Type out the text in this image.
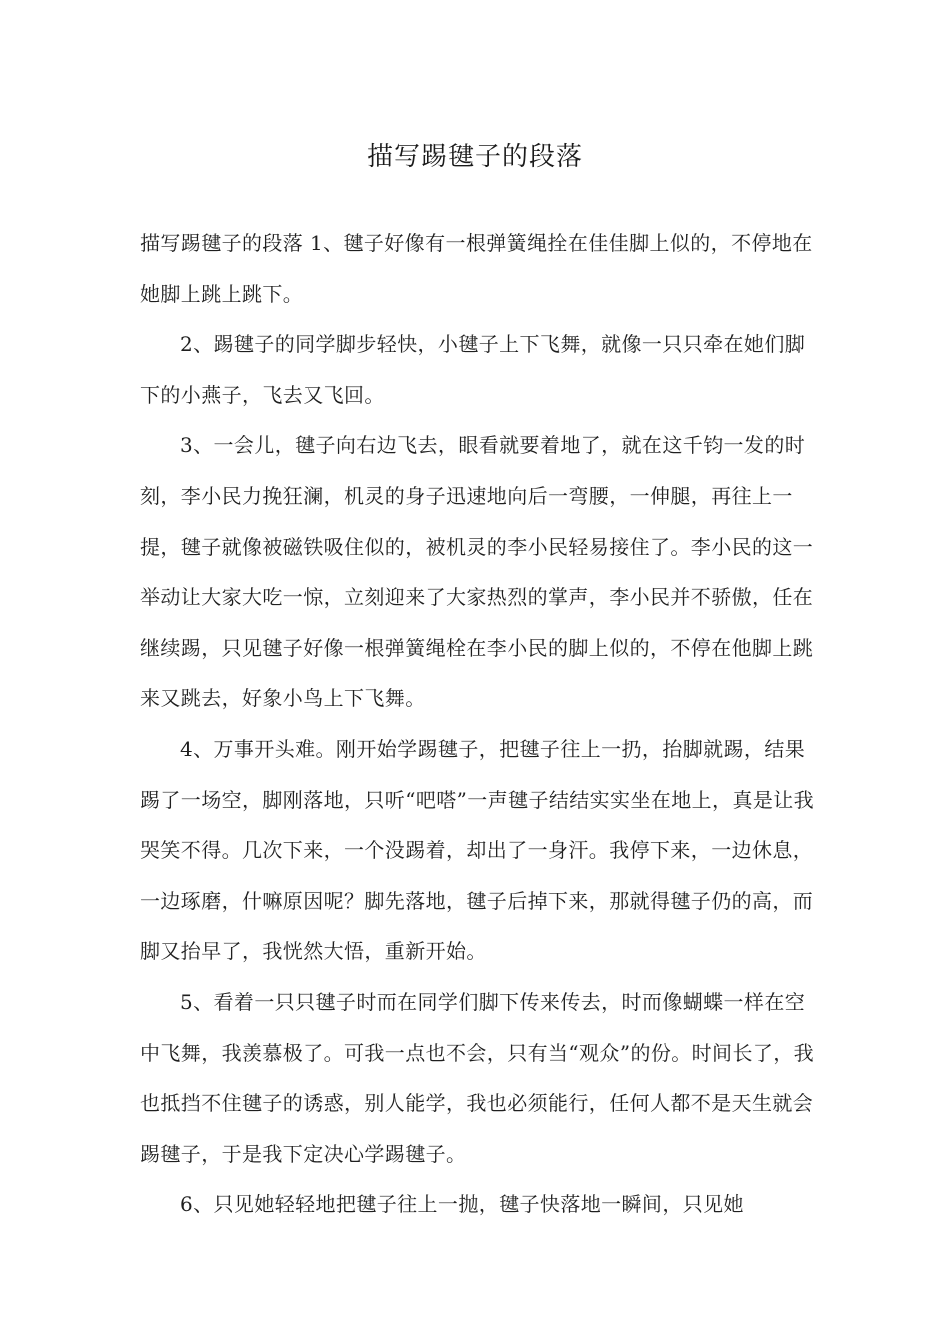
描写踢毽子的段落

描写踢毽子的段落 1、毽子好像有一根弹簧绳拴在佳佳脚上似的，不停地在她脚上跳上跳下。

2、踢毽子的同学脚步轻快，小毽子上下飞舞，就像一只只牵在她们脚下的小燕子，飞去又飞回。

3、一会儿，毽子向右边飞去，眼看就要着地了，就在这千钧一发的时刻，李小民力挽狂澜，机灵的身子迅速地向后一弯腰，一伸腿，再往上一提，毽子就像被磁铁吸住似的，被机灵的李小民轻易接住了。李小民的这一举动让大家大吃一惊，立刻迎来了大家热烈的掌声，李小民并不骄傲，任在继续踢，只见毽子好像一根弹簧绳栓在李小民的脚上似的，不停在他脚上跳来又跳去，好象小鸟上下飞舞。

4、万事开头难。刚开始学踢毽子，把毽子往上一扔，抬脚就踢，结果踢了一场空，脚刚落地，只听“吧嗒”一声毽子结结实实坐在地上，真是让我哭笑不得。几次下来，一个没踢着，却出了一身汗。我停下来，一边休息，一边琢磨，什嘛原因呢？脚先落地，毽子后掉下来，那就得毽子仍的高，而脚又抬早了，我恍然大悟，重新开始。

5、看着一只只毽子时而在同学们脚下传来传去，时而像蝴蝶一样在空中飞舞，我羡慕极了。可我一点也不会，只有当“观众”的份。时间长了，我也抵挡不住毽子的诱惑，别人能学，我也必须能行，任何人都不是天生就会踢毽子，于是我下定决心学踢毽子。

6、只见她轻轻地把毽子往上一抛，毽子快落地一瞬间，只见她
